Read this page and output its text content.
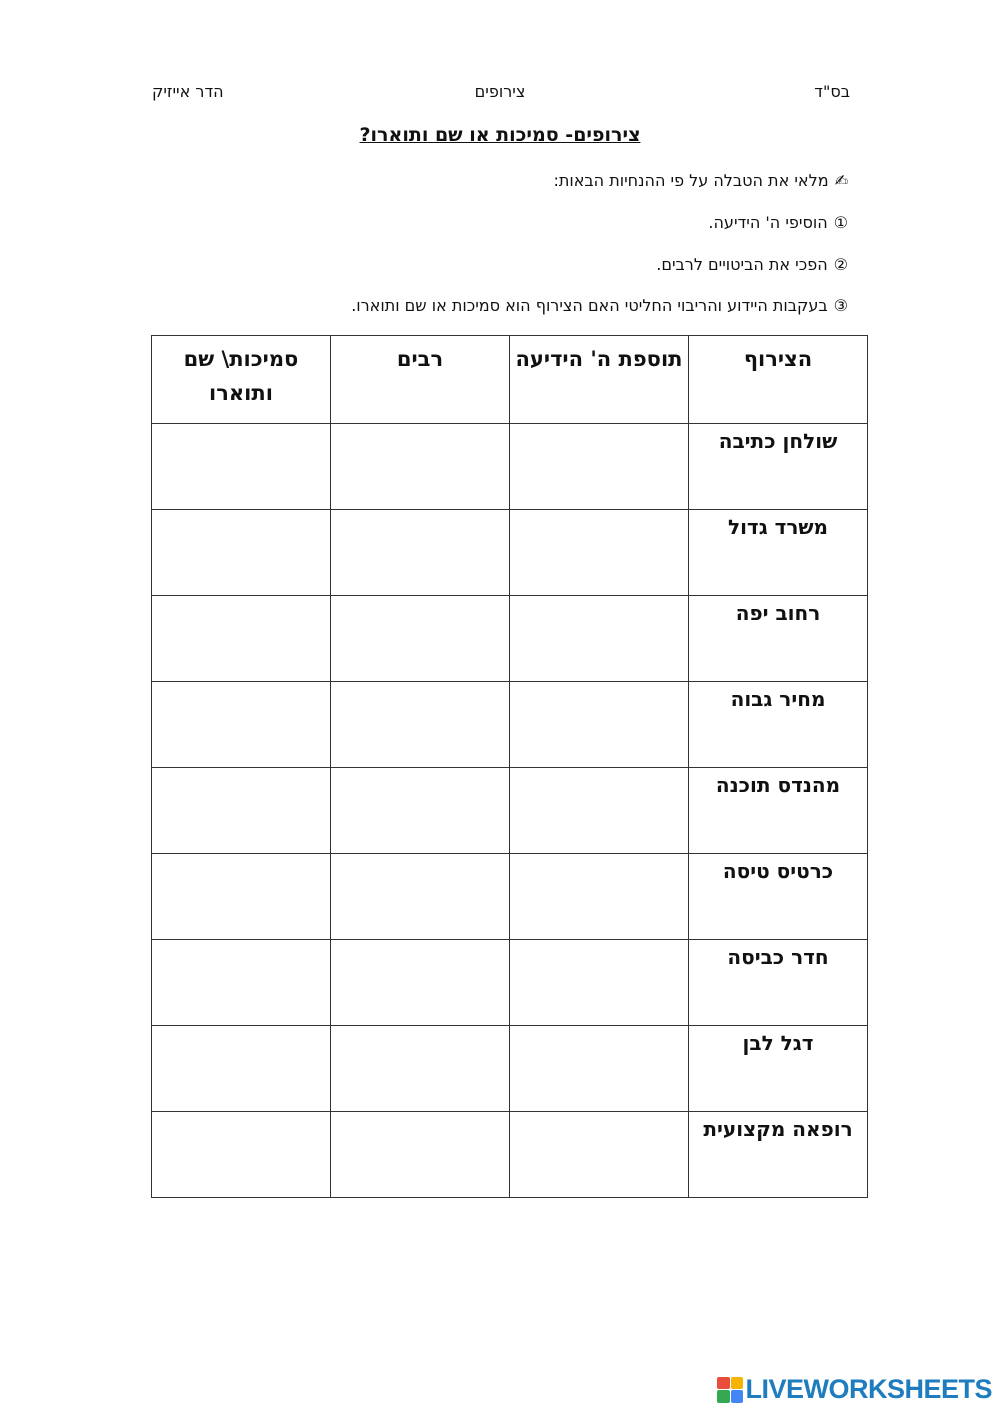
בס"ד
צירופים
הדר אייזיק
צירופים- סמיכות או שם ותוארו?
✍מלאי את הטבלה על פי ההנחיות הבאות:
①הוסיפי ה' הידיעה.
②הפכי את הביטויים לרבים.
③בעקבות היידוע והריבוי החליטי האם הצירוף הוא סמיכות או שם ותוארו.
הצירוף	תוספת ה' הידיעה	רבים	סמיכות\ שם ותוארו
שולחן כתיבה			
משרד גדול			
רחוב יפה			
מחיר גבוה			
מהנדס תוכנה			
כרטיס טיסה			
חדר כביסה			
דגל לבן			
רופאה מקצועית			
LIVEWORKSHEETS
